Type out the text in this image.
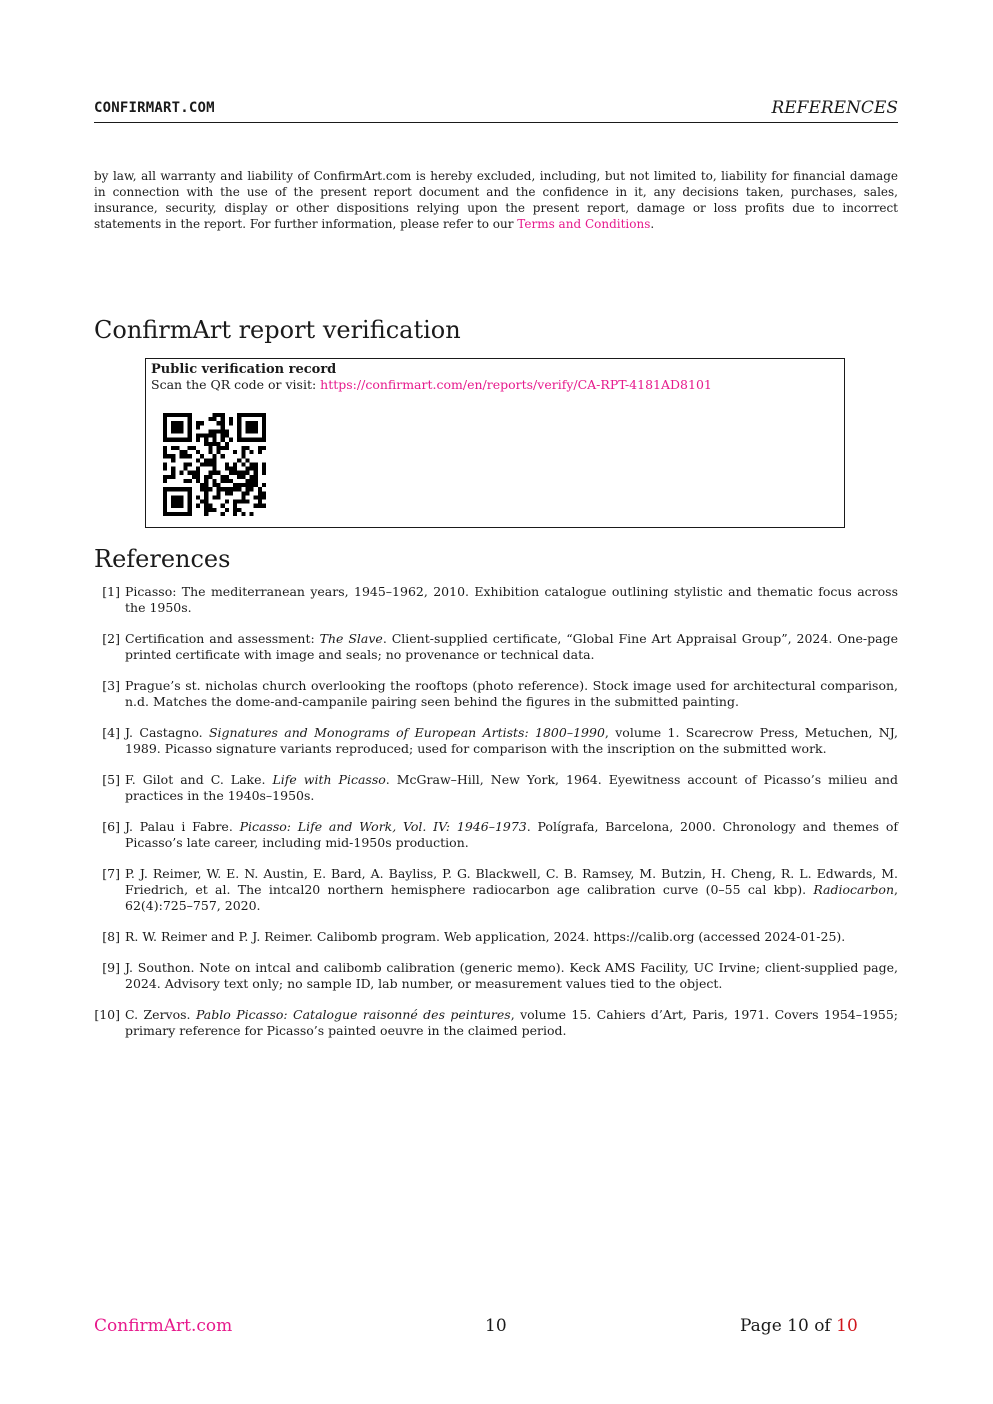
CONFIRMART.COM	REFERENCES
by law, all warranty and liability of ConfirmArt.com is hereby excluded, including, but not limited to, liability for financial damage in connection with the use of the present report document and the confidence in it, any decisions taken, purchases, sales, insurance, security, display or other dispositions relying upon the present report, damage or loss profits due to incorrect statements in the report. For further information, please refer to our Terms and Conditions.
ConfirmArt report verification
Public verification record
Scan the QR code or visit: https://confirmart.com/en/reports/verify/CA-RPT-4181AD8101
References
[1] Picasso: The mediterranean years, 1945–1962, 2010. Exhibition catalogue outlining stylistic and thematic focus across the 1950s.
[2] Certification and assessment: The Slave. Client-supplied certificate, “Global Fine Art Appraisal Group”, 2024. One-page printed certificate with image and seals; no provenance or technical data.
[3] Prague’s st. nicholas church overlooking the rooftops (photo reference). Stock image used for architectural comparison, n.d. Matches the dome-and-campanile pairing seen behind the figures in the submitted painting.
[4] J. Castagno. Signatures and Monograms of European Artists: 1800–1990, volume 1. Scarecrow Press, Metuchen, NJ, 1989. Picasso signature variants reproduced; used for comparison with the inscription on the submitted work.
[5] F. Gilot and C. Lake. Life with Picasso. McGraw–Hill, New York, 1964. Eyewitness account of Picasso’s milieu and practices in the 1940s–1950s.
[6] J. Palau i Fabre. Picasso: Life and Work, Vol. IV: 1946–1973. Polígrafa, Barcelona, 2000. Chronology and themes of Picasso’s late career, including mid-1950s production.
[7] P. J. Reimer, W. E. N. Austin, E. Bard, A. Bayliss, P. G. Blackwell, C. B. Ramsey, M. Butzin, H. Cheng, R. L. Edwards, M. Friedrich, et al. The intcal20 northern hemisphere radiocarbon age calibration curve (0–55 cal kbp). Radiocarbon, 62(4):725–757, 2020.
[8] R. W. Reimer and P. J. Reimer. Calibomb program. Web application, 2024. https://calib.org (accessed 2024-01-25).
[9] J. Southon. Note on intcal and calibomb calibration (generic memo). Keck AMS Facility, UC Irvine; client-supplied page, 2024. Advisory text only; no sample ID, lab number, or measurement values tied to the object.
[10] C. Zervos. Pablo Picasso: Catalogue raisonné des peintures, volume 15. Cahiers d’Art, Paris, 1971. Covers 1954–1955; primary reference for Picasso’s painted oeuvre in the claimed period.
ConfirmArt.com	10	Page 10 of 10
